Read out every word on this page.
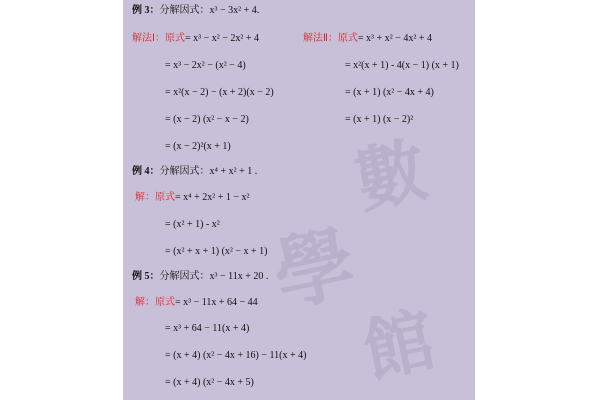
數
學
館
例 3：分解因式：x³ − 3x² + 4.
解法Ⅰ：原式= x³ − x² − 2x² + 4
= x³ − 2x² − (x² − 4)
= x²(x − 2) − (x + 2)(x − 2)
= (x − 2) (x² − x − 2)
= (x − 2)²(x + 1)
解法Ⅱ：原式= x³ + x² − 4x² + 4
= x²(x + 1) - 4(x − 1) (x + 1)
= (x + 1) (x² − 4x + 4)
= (x + 1) (x − 2)²
例 4：分解因式：x⁴ + x² + 1 .
解：原式= x⁴ + 2x² + 1 − x²
= (x² + 1) - x²
= (x² + x + 1) (x² − x + 1)
例 5：分解因式：x³ − 11x + 20 .
解：原式= x³ − 11x + 64 − 44
= x³ + 64 − 11(x + 4)
= (x + 4) (x² − 4x + 16) − 11(x + 4)
= (x + 4) (x² − 4x + 5)
